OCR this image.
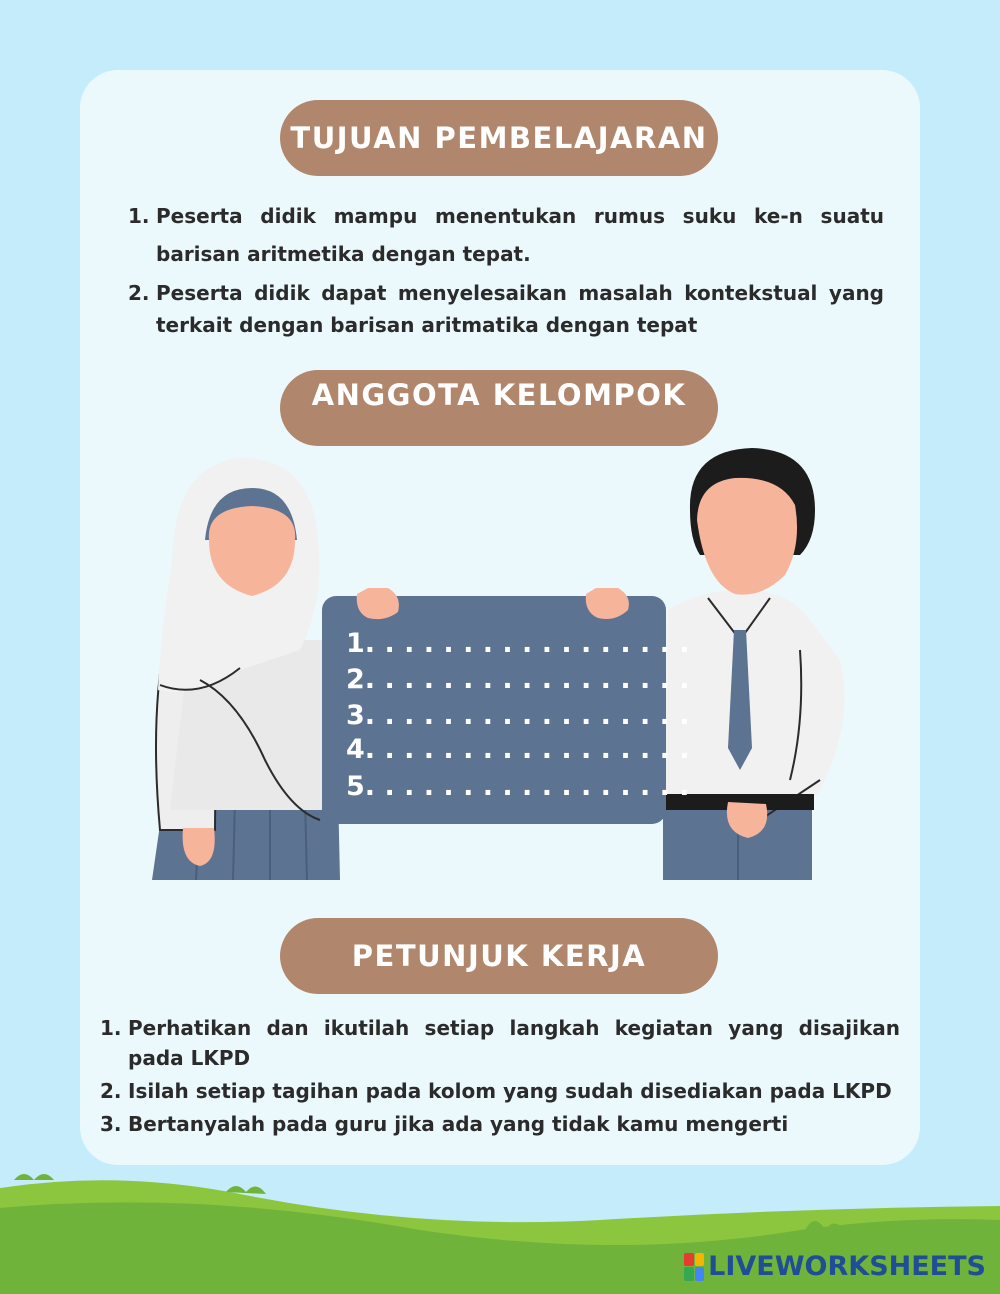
TUJUAN PEMBELAJARAN
1. Peserta didik mampu menentukan rumus suku ke-n suatu barisan aritmetika dengan tepat.
2. Peserta didik dapat menyelesaikan masalah kontekstual yang terkait dengan barisan aritmatika dengan tepat
ANGGOTA KELOMPOK
1. . . . . . . . . . . . . . . . .
2. . . . . . . . . . . . . . . . .
3. . . . . . . . . . . . . . . . .
4. . . . . . . . . . . . . . . . .
5. . . . . . . . . . . . . . . . .
PETUNJUK KERJA
1. Perhatikan dan ikutilah setiap langkah kegiatan yang disajikan pada LKPD
2. Isilah setiap tagihan pada kolom yang sudah disediakan pada LKPD
3. Bertanyalah pada guru jika ada yang tidak kamu mengerti
LIVEWORKSHEETS
